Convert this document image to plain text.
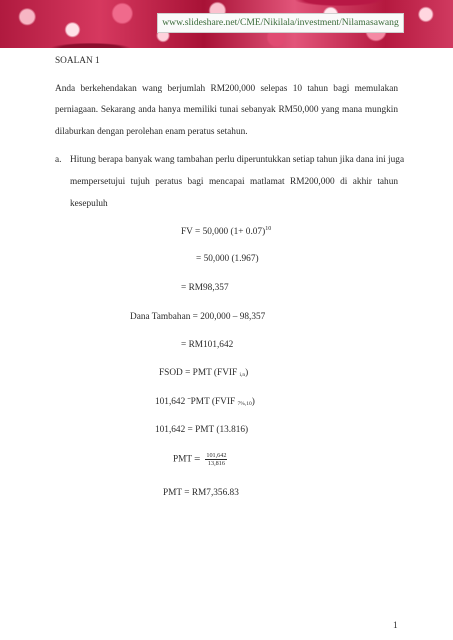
www.slideshare.net/CME/Nikilala/investment/Nilamasawang
SOALAN 1
Anda berkehendakan wang berjumlah RM200,000 selepas 10 tahun bagi memulakan
perniagaan. Sekarang anda hanya memiliki tunai sebanyak RM50,000 yang mana mungkin
dilaburkan dengan perolehan enam peratus setahun.
a. Hitung berapa banyak wang tambahan perlu diperuntukkan setiap tahun jika dana ini juga
mempersetujui tujuh peratus bagi mencapai matlamat RM200,000 di akhir tahun
kesepuluh
FV = 50,000 $(1+ 0.07)^{10}$
= 50,000 (1.967)
= RM98,357
Dana Tambahan = 200,000 – 98,357
= RM101,642
FSOD = PMT (FVIF i,n)
101,642 ˉPMT (FVIF 7%,10)
101,642 = PMT (13.816)
PMT = $\frac{101,642}{13,816}$
PMT = RM7,356.83
1
